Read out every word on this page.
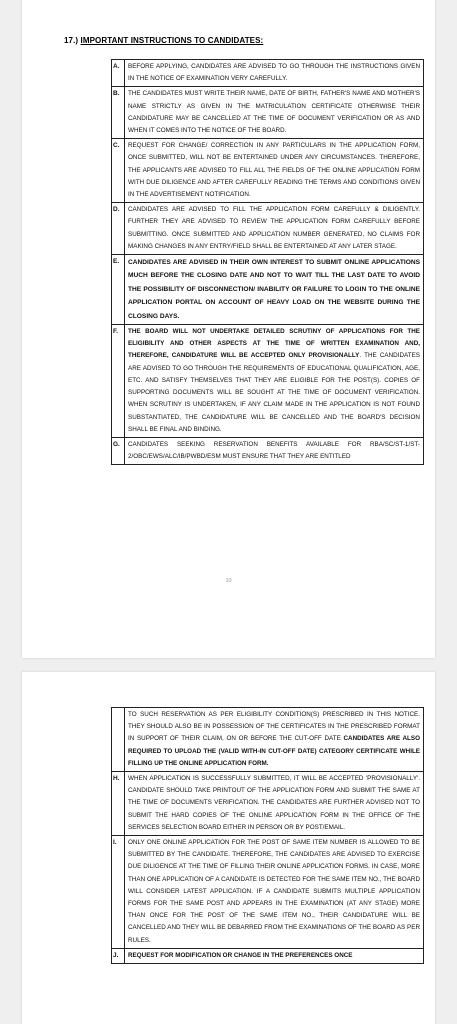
17.) IMPORTANT INSTRUCTIONS TO CANDIDATES:
A.	BEFORE APPLYING, CANDIDATES ARE ADVISED TO GO THROUGH THE INSTRUCTIONS GIVEN IN THE NOTICE OF EXAMINATION VERY CAREFULLY.
B.	THE CANDIDATES MUST WRITE THEIR NAME, DATE OF BIRTH, FATHER'S NAME AND MOTHER'S NAME STRICTLY AS GIVEN IN THE MATRICULATION CERTIFICATE OTHERWISE THEIR CANDIDATURE MAY BE CANCELLED AT THE TIME OF DOCUMENT VERIFICATION OR AS AND WHEN IT COMES INTO THE NOTICE OF THE BOARD.
C.	REQUEST FOR CHANGE/ CORRECTION IN ANY PARTICULARS IN THE APPLICATION FORM, ONCE SUBMITTED, WILL NOT BE ENTERTAINED UNDER ANY CIRCUMSTANCES. THEREFORE, THE APPLICANTS ARE ADVISED TO FILL ALL THE FIELDS OF THE ONLINE APPLICATION FORM WITH DUE DILIGENCE AND AFTER CAREFULLY READING THE TERMS AND CONDITIONS GIVEN IN THE ADVERTISEMENT NOTIFICATION.
D.	CANDIDATES ARE ADVISED TO FILL THE APPLICATION FORM CAREFULLY & DILIGENTLY. FURTHER THEY ARE ADVISED TO REVIEW THE APPLICATION FORM CAREFULLY BEFORE SUBMITTING. ONCE SUBMITTED AND APPLICATION NUMBER GENERATED, NO CLAIMS FOR MAKING CHANGES IN ANY ENTRY/FIELD SHALL BE ENTERTAINED AT ANY LATER STAGE.
E.	CANDIDATES ARE ADVISED IN THEIR OWN INTEREST TO SUBMIT ONLINE APPLICATIONS MUCH BEFORE THE CLOSING DATE AND NOT TO WAIT TILL THE LAST DATE TO AVOID THE POSSIBILITY OF DISCONNECTION/ INABILITY OR FAILURE TO LOGIN TO THE ONLINE APPLICATION PORTAL ON ACCOUNT OF HEAVY LOAD ON THE WEBSITE DURING THE CLOSING DAYS.
F.	THE BOARD WILL NOT UNDERTAKE DETAILED SCRUTINY OF APPLICATIONS FOR THE ELIGIBILITY AND OTHER ASPECTS AT THE TIME OF WRITTEN EXAMINATION AND, THEREFORE, CANDIDATURE WILL BE ACCEPTED ONLY PROVISIONALLY. THE CANDIDATES ARE ADVISED TO GO THROUGH THE REQUIREMENTS OF EDUCATIONAL QUALIFICATION, AGE, ETC. AND SATISFY THEMSELVES THAT THEY ARE ELIGIBLE FOR THE POST(S). COPIES OF SUPPORTING DOCUMENTS WILL BE SOUGHT AT THE TIME OF DOCUMENT VERIFICATION. WHEN SCRUTINY IS UNDERTAKEN, IF ANY CLAIM MADE IN THE APPLICATION IS NOT FOUND SUBSTANTIATED, THE CANDIDATURE WILL BE CANCELLED AND THE BOARD'S DECISION SHALL BE FINAL AND BINDING.
G.	CANDIDATES SEEKING RESERVATION BENEFITS AVAILABLE FOR RBA/SC/ST-1/ST-2/OBC/EWS/ALC/IB/PWBD/ESM MUST ENSURE THAT THEY ARE ENTITLED
10
	TO SUCH RESERVATION AS PER ELIGIBILITY CONDITION(S) PRESCRIBED IN THIS NOTICE. THEY SHOULD ALSO BE IN POSSESSION OF THE CERTIFICATES IN THE PRESCRIBED FORMAT IN SUPPORT OF THEIR CLAIM, ON OR BEFORE THE CUT-OFF DATE CANDIDATES ARE ALSO REQUIRED TO UPLOAD THE (VALID WITH-IN CUT-OFF DATE) CATEGORY CERTIFICATE WHILE FILLING UP THE ONLINE APPLICATION FORM.
H.	WHEN APPLICATION IS SUCCESSFULLY SUBMITTED, IT WILL BE ACCEPTED 'PROVISIONALLY'. CANDIDATE SHOULD TAKE PRINTOUT OF THE APPLICATION FORM AND SUBMIT THE SAME AT THE TIME OF DOCUMENTS VERIFICATION. THE CANDIDATES ARE FURTHER ADVISED NOT TO SUBMIT THE HARD COPIES OF THE ONLINE APPLICATION FORM IN THE OFFICE OF THE SERVICES SELECTION BOARD EITHER IN PERSON OR BY POST/EMAIL.
I.	ONLY ONE ONLINE APPLICATION FOR THE POST OF SAME ITEM NUMBER IS ALLOWED TO BE SUBMITTED BY THE CANDIDATE. THEREFORE, THE CANDIDATES ARE ADVISED TO EXERCISE DUE DILIGENCE AT THE TIME OF FILLING THEIR ONLINE APPLICATION FORMS. IN CASE, MORE THAN ONE APPLICATION OF A CANDIDATE IS DETECTED FOR THE SAME ITEM NO., THE BOARD WILL CONSIDER LATEST APPLICATION. IF A CANDIDATE SUBMITS MULTIPLE APPLICATION FORMS FOR THE SAME POST AND APPEARS IN THE EXAMINATION (AT ANY STAGE) MORE THAN ONCE FOR THE POST OF THE SAME ITEM NO., THEIR CANDIDATURE WILL BE CANCELLED AND THEY WILL BE DEBARRED FROM THE EXAMINATIONS OF THE BOARD AS PER RULES.
J.	REQUEST FOR MODIFICATION OR CHANGE IN THE PREFERENCES ONCE
